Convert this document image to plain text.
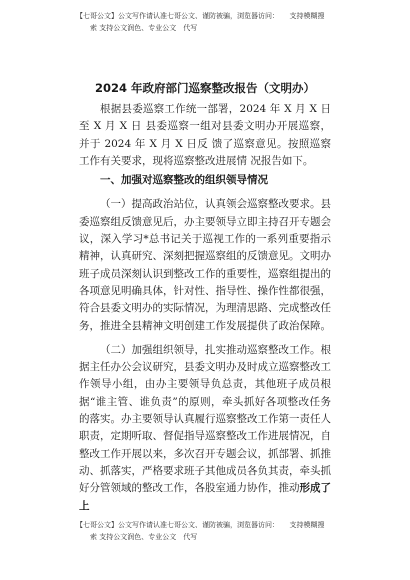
【七哥公文】公文写作请认准七哥公文、谨防被骗，浏览器访问：　　支持模糊搜
索 支持公文润色、专业公文　代写
2024 年政府部门巡察整改报告（文明办）

根据县委巡察工作统一部署，2024 年 X 月 X 日至 X 月 X 日 县委巡察一组对县委文明办开展巡察，并于 2024 年 X 月 X 日反 馈了巡察意见。按照巡察工作有关要求，现将巡察整改进展情 况报告如下。

一、加强对巡察整改的组织领导情况

（一）提高政治站位，认真领会巡察整改要求。县委巡察组反馈意见后，办主要领导立即主持召开专题会议，深入学习*总书记关于巡视工作的一系列重要指示精神，认真研究、深刻把握巡察组的反馈意见。文明办班子成员深刻认识到整改工作的重要性，巡察组提出的各项意见明确具体，针对性、指导性、操作性都很强，符合县委文明办的实际情况，为理清思路、完成整改任务，推进全县精神文明创建工作发展提供了政治保障。

（二）加强组织领导，扎实推动巡察整改工作。根据主任办公会议研究，县委文明办及时成立巡察整改工作领导小组，由办主要领导负总责，其他班子成员根据“谁主管、谁负责”的原则，牵头抓好各项整改任务的落实。办主要领导认真履行巡察整改工作第一责任人职责，定期听取、督促指导巡察整改工作进展情况，自整改工作开展以来，多次召开专题会议，抓部署、抓推动、抓落实，严格要求班子其他成员各负其责，牵头抓好分管领域的整改工作，各股室通力协作，推动形成了上

【七哥公文】公文写作请认准七哥公文、谨防被骗，浏览器访问：　　支持模糊搜
索 支持公文润色、专业公文　代写
